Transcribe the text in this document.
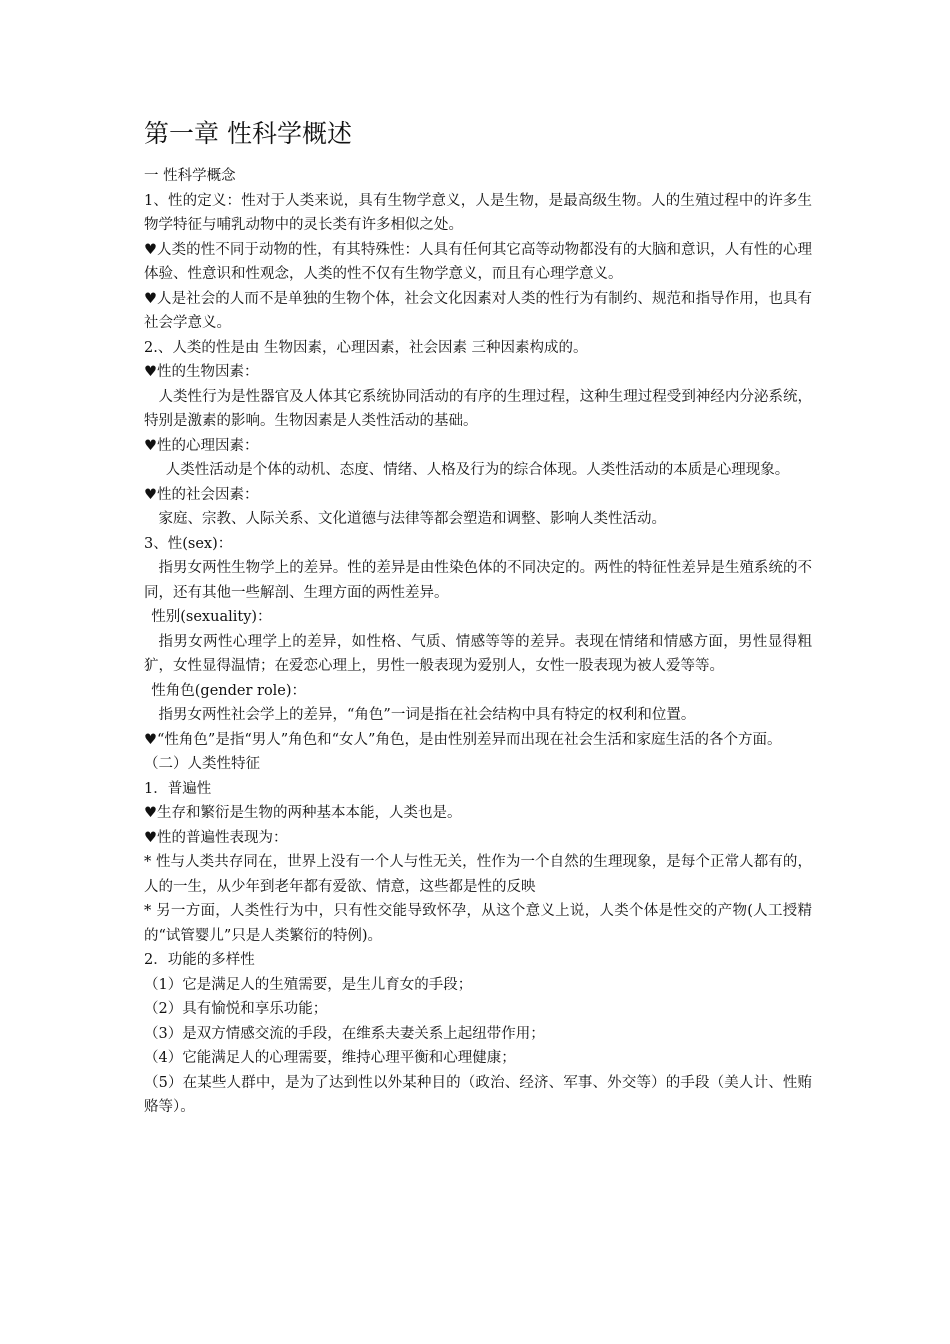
第一章 性科学概述

一 性科学概念

1、性的定义：性对于人类来说，具有生物学意义，人是生物，是最高级生物。人的生殖过程中的许多生物学特征与哺乳动物中的灵长类有许多相似之处。

♥人类的性不同于动物的性，有其特殊性：人具有任何其它高等动物都没有的大脑和意识，人有性的心理体验、性意识和性观念，人类的性不仅有生物学意义，而且有心理学意义。

♥人是社会的人而不是单独的生物个体，社会文化因素对人类的性行为有制约、规范和指导作用，也具有社会学意义。

2.、人类的性是由 生物因素，心理因素，社会因素 三种因素构成的。

♥性的生物因素：

人类性行为是性器官及人体其它系统协同活动的有序的生理过程，这种生理过程受到神经内分泌系统，特别是激素的影响。生物因素是人类性活动的基础。

♥性的心理因素：

人类性活动是个体的动机、态度、情绪、人格及行为的综合体现。人类性活动的本质是心理现象。

♥性的社会因素：

家庭、宗教、人际关系、文化道德与法律等都会塑造和调整、影响人类性活动。

3、性(sex)：

指男女两性生物学上的差异。性的差异是由性染色体的不同决定的。两性的特征性差异是生殖系统的不同，还有其他一些解剖、生理方面的两性差异。

性别(sexuality)：

指男女两性心理学上的差异，如性格、气质、情感等等的差异。表现在情绪和情感方面，男性显得粗犷，女性显得温情；在爱恋心理上，男性一般表现为爱别人，女性一股表现为被人爱等等。

性角色(gender role)：

指男女两性社会学上的差异，“角色”一词是指在社会结构中具有特定的权利和位置。

♥“性角色”是指“男人”角色和“女人”角色，是由性别差异而出现在社会生活和家庭生活的各个方面。

（二）人类性特征

1．普遍性

♥生存和繁衍是生物的两种基本本能，人类也是。

♥性的普遍性表现为：

* 性与人类共存同在，世界上没有一个人与性无关，性作为一个自然的生理现象，是每个正常人都有的，人的一生，从少年到老年都有爱欲、情意，这些都是性的反映

* 另一方面，人类性行为中，只有性交能导致怀孕，从这个意义上说，人类个体是性交的产物(人工授精的“试管婴儿”只是人类繁衍的特例)。

2．功能的多样性

（1）它是满足人的生殖需要，是生儿育女的手段；

（2）具有愉悦和享乐功能；

（3）是双方情感交流的手段，在维系夫妻关系上起纽带作用；

（4）它能满足人的心理需要，维持心理平衡和心理健康；

（5）在某些人群中，是为了达到性以外某种目的（政治、经济、军事、外交等）的手段（美人计、性贿赂等）。
